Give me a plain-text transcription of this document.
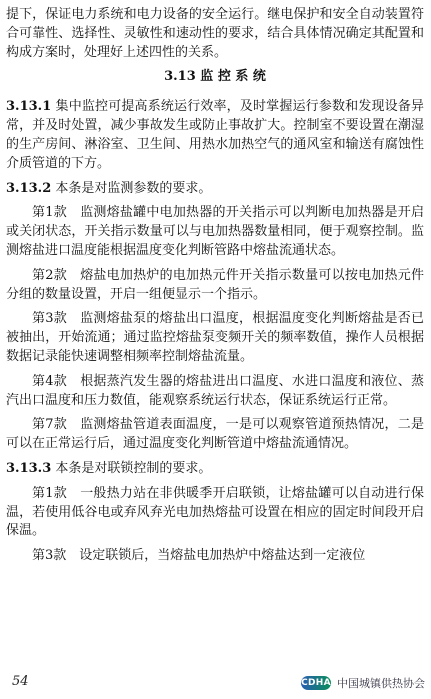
提下，保证电力系统和电力设备的安全运行。继电保护和安全自动装置符合可靠性、选择性、灵敏性和速动性的要求，结合具体情况确定其配置和构成方案时，处理好上述四性的关系。

3.13 监 控 系 统

3.13.1 集中监控可提高系统运行效率，及时掌握运行参数和发现设备异常，并及时处置，减少事故发生或防止事故扩大。控制室不要设置在潮湿的生产房间、淋浴室、卫生间、用热水加热空气的通风室和输送有腐蚀性介质管道的下方。

3.13.2 本条是对监测参数的要求。

第1款　监测熔盐罐中电加热器的开关指示可以判断电加热器是开启或关闭状态，开关指示数量可以与电加热器数量相同，便于观察控制。监测熔盐进口温度能根据温度变化判断管路中熔盐流通状态。

第2款　熔盐电加热炉的电加热元件开关指示数量可以按电加热元件分组的数量设置，开启一组便显示一个指示。

第3款　监测熔盐泵的熔盐出口温度，根据温度变化判断熔盐是否已被抽出，开始流通；通过监控熔盐泵变频开关的频率数值，操作人员根据数据记录能快速调整相频率控制熔盐流量。

第4款　根据蒸汽发生器的熔盐进出口温度、水进口温度和液位、蒸汽出口温度和压力数值，能观察系统运行状态，保证系统运行正常。

第7款　监测熔盐管道表面温度，一是可以观察管道预热情况，二是可以在正常运行后，通过温度变化判断管道中熔盐流通情况。

3.13.3 本条是对联锁控制的要求。

第1款　一般热力站在非供暖季开启联锁，让熔盐罐可以自动进行保温，若使用低谷电或弃风弃光电加热熔盐可设置在相应的固定时间段开启保温。

第3款　设定联锁后，当熔盐电加热炉中熔盐达到一定液位

54	CDHA 中国城镇供热协会
